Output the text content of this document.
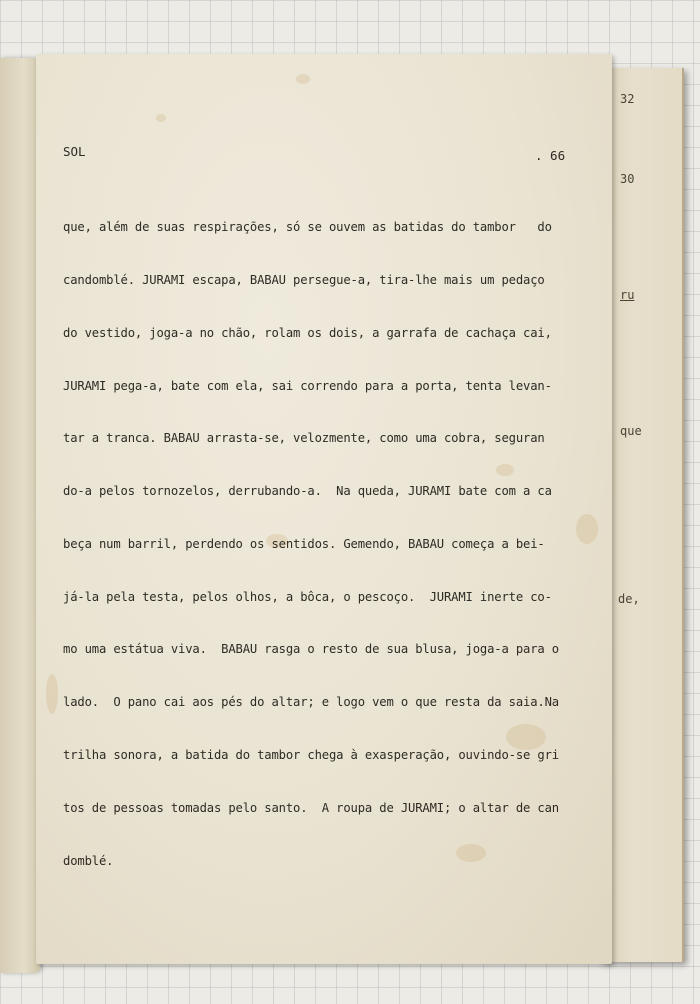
32
30
ru
que
de,
SOL	. 66

que, além de suas respirações, só se ouvem as batidas do tambor   do

candomblé. JURAMI escapa, BABAU persegue-a, tira-lhe mais um pedaço

do vestido, joga-a no chão, rolam os dois, a garrafa de cachaça cai,

JURAMI pega-a, bate com ela, sai correndo para a porta, tenta levan-

tar a tranca. BABAU arrasta-se, velozmente, como uma cobra, seguran

do-a pelos tornozelos, derrubando-a.  Na queda, JURAMI bate com a ca

beça num barril, perdendo os sentidos. Gemendo, BABAU começa a bei-

já-la pela testa, pelos olhos, a bôca, o pescoço.  JURAMI inerte co-

mo uma estátua viva.  BABAU rasga o resto de sua blusa, joga-a para o

lado.  O pano cai aos pés do altar; e logo vem o que resta da saia.Na

trilha sonora, a batida do tambor chega à exasperação, ouvindo-se gri

tos de pessoas tomadas pelo santo.  A roupa de JURAMI; o altar de can

domblé.
